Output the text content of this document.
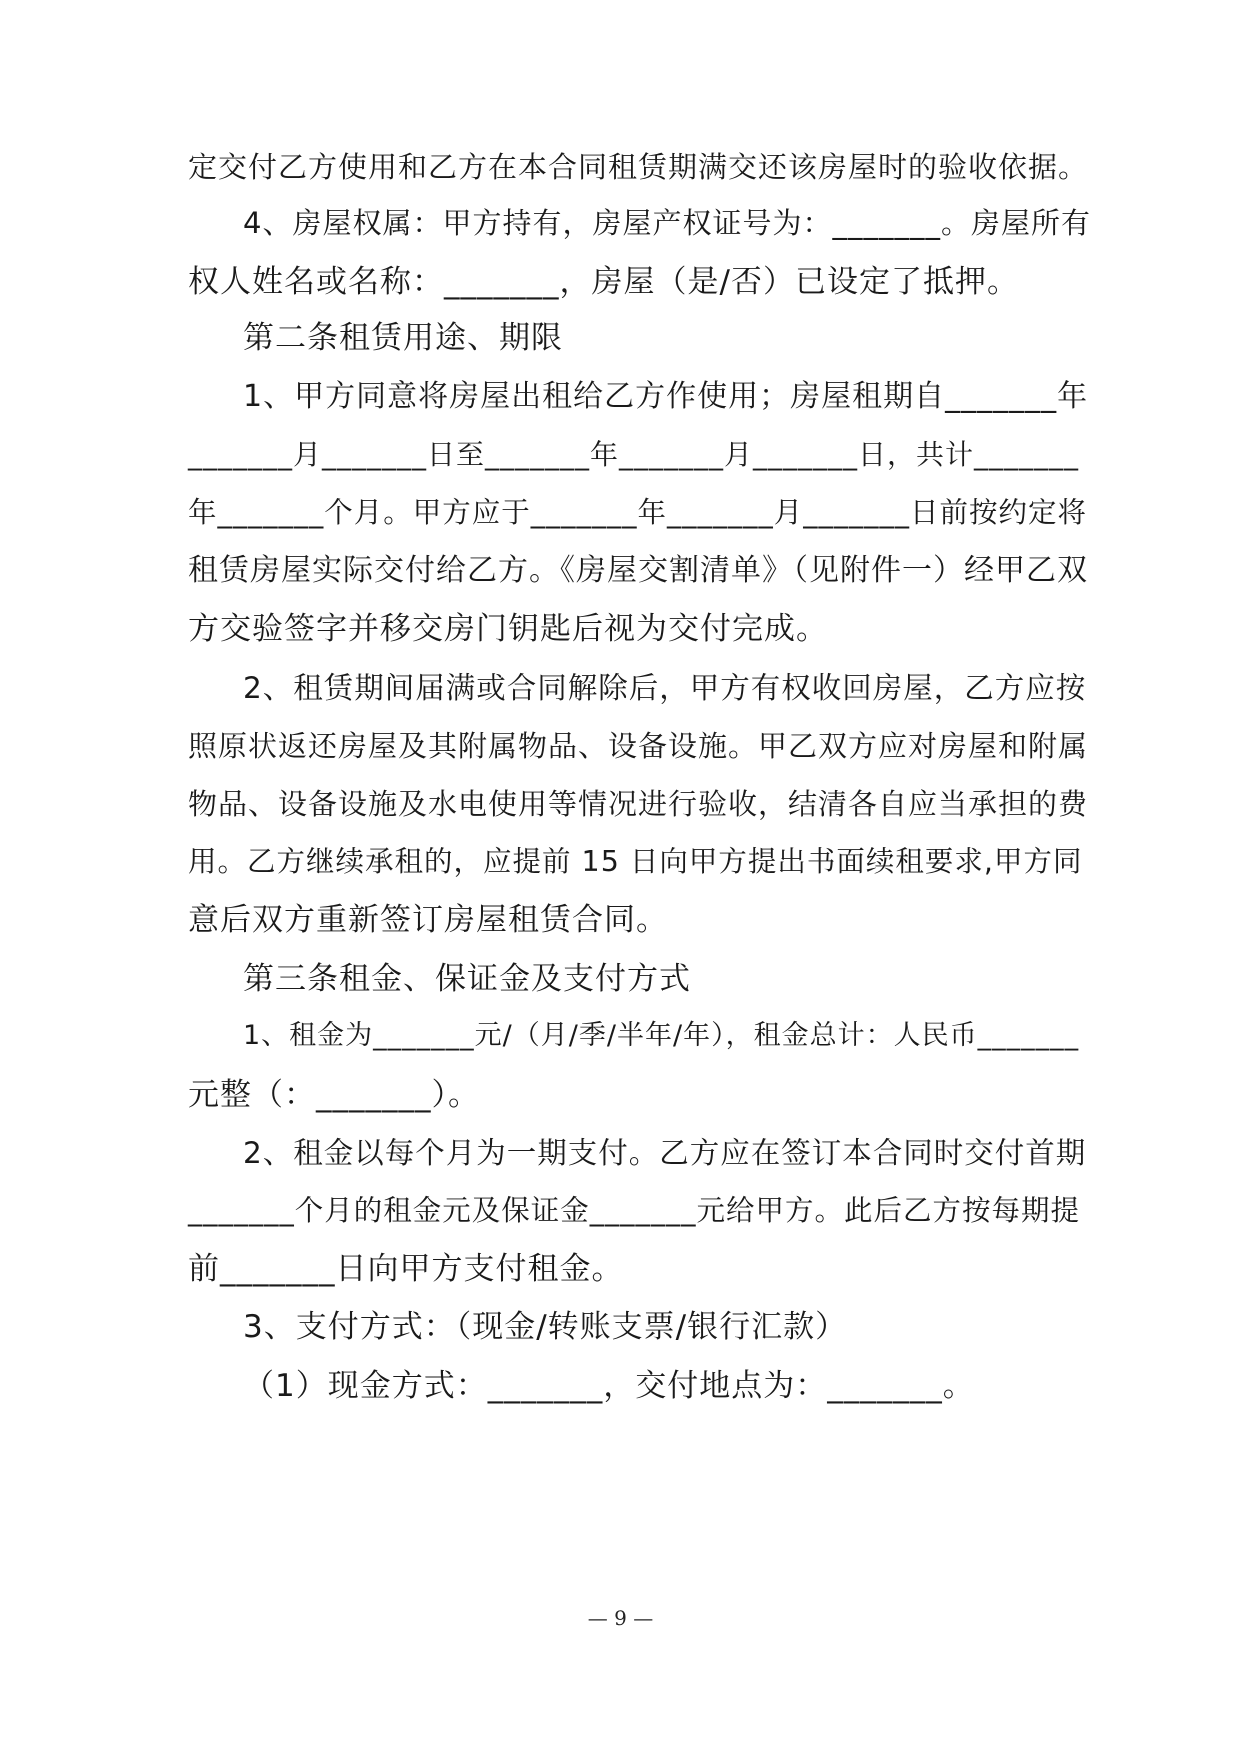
定交付乙方使用和乙方在本合同租赁期满交还该房屋时的验收依据。
4、房屋权属：甲方持有，房屋产权证号为：_______。房屋所有
权人姓名或名称：_______，房屋（是/否）已设定了抵押。
第二条租赁用途、期限
1、甲方同意将房屋出租给乙方作使用；房屋租期自_______年
_______月_______日至_______年_______月_______日，共计_______
年_______个月。甲方应于_______年_______月_______日前按约定将
租赁房屋实际交付给乙方。《房屋交割清单》（见附件一）经甲乙双
方交验签字并移交房门钥匙后视为交付完成。
2、租赁期间届满或合同解除后，甲方有权收回房屋，乙方应按
照原状返还房屋及其附属物品、设备设施。甲乙双方应对房屋和附属
物品、设备设施及水电使用等情况进行验收，结清各自应当承担的费
用。乙方继续承租的，应提前 15 日向甲方提出书面续租要求,甲方同
意后双方重新签订房屋租赁合同。
第三条租金、保证金及支付方式
1、租金为_______元/（月/季/半年/年），租金总计：人民币_______
元整（：_______）。
2、租金以每个月为一期支付。乙方应在签订本合同时交付首期
_______个月的租金元及保证金_______元给甲方。此后乙方按每期提
前_______日向甲方支付租金。
3、支付方式：（现金/转账支票/银行汇款）
（1）现金方式：_______，交付地点为：_______。
— 9 —
